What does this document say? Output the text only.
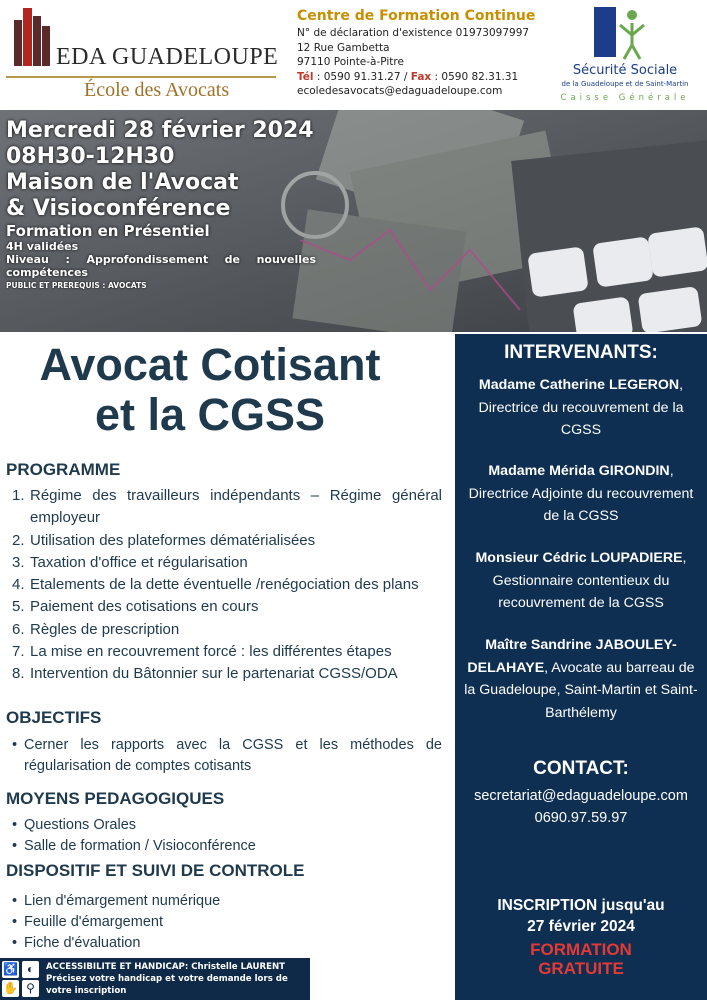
EDA GUADELOUPE
École des Avocats
Centre de Formation Continue
N° de déclaration d'existence 01973097997
12 Rue Gambetta
97110 Pointe-à-Pitre
Tél : 0590 91.31.27 / Fax : 0590 82.31.31
ecoledesavocats@edaguadeloupe.com
Sécurité Sociale
de la Guadeloupe et de Saint-Martin
Caisse Générale
Mercredi 28 février 2024
08H30-12H30
Maison de l'Avocat
& Visioconférence
Formation en Présentiel
4H validées
Niveau : Approfondissement de nouvelles compétences
PUBLIC ET PREREQUIS : AVOCATS
Avocat Cotisant
et la CGSS
PROGRAMME
1. Régime des travailleurs indépendants – Régime général employeur
2. Utilisation des plateformes dématérialisées
3. Taxation d'office et régularisation
4. Etalements de la dette éventuelle /renégociation des plans
5. Paiement des cotisations en cours
6. Règles de prescription
7. La mise en recouvrement forcé : les différentes étapes
8. Intervention du Bâtonnier sur le partenariat CGSS/ODA
OBJECTIFS
• Cerner les rapports avec la CGSS et les méthodes de régularisation de comptes cotisants
MOYENS PEDAGOGIQUES
• Questions Orales
• Salle de formation / Visioconférence
DISPOSITIF ET SUIVI DE CONTROLE
• Lien d'émargement numérique
• Feuille d'émargement
• Fiche d'évaluation
♿ ◐
✋ ⚲
ACCESSIBILITE ET HANDICAP: Christelle LAURENT
Précisez votre handicap et votre demande lors de
votre inscription
INTERVENANTS:
Madame Catherine LEGERON, Directrice du recouvrement de la CGSS
Madame Mérida GIRONDIN, Directrice Adjointe du recouvrement de la CGSS
Monsieur Cédric LOUPADIERE, Gestionnaire contentieux du recouvrement de la CGSS
Maître Sandrine JABOULEY-DELAHAYE, Avocate au barreau de la Guadeloupe, Saint-Martin et Saint-Barthélemy
CONTACT:
secretariat@edaguadeloupe.com
0690.97.59.97
INSCRIPTION jusqu'au
27 février 2024
FORMATION
GRATUITE
